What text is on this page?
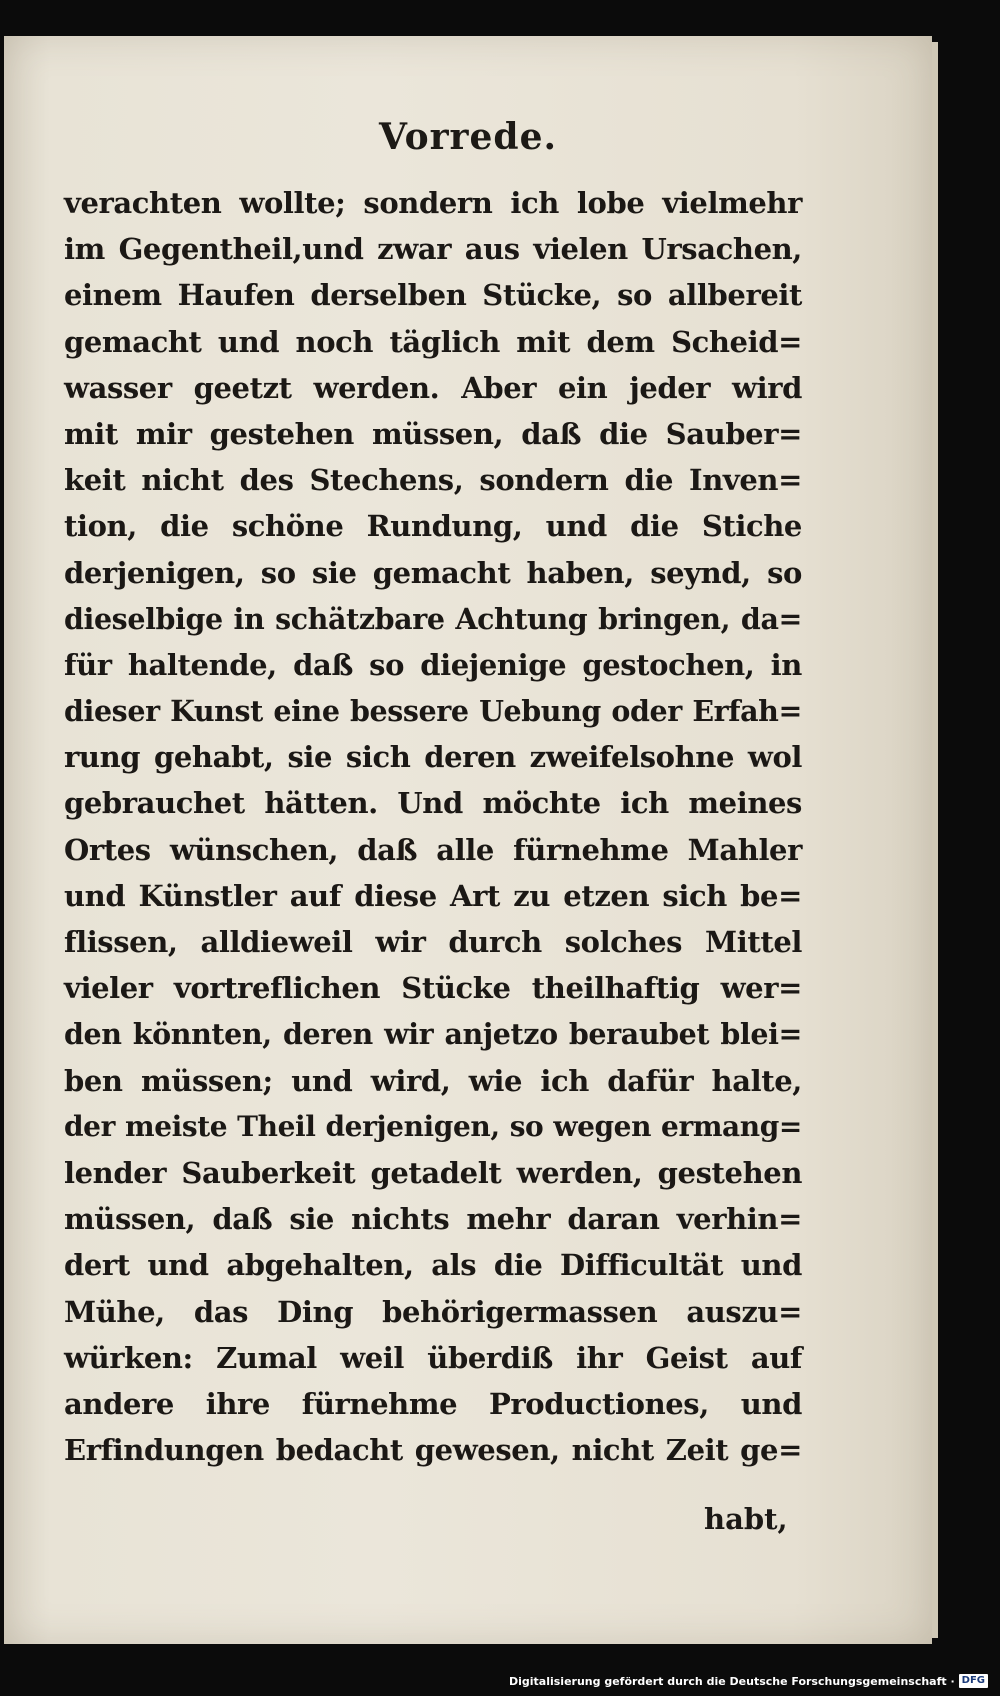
Vorrede.
verachten wollte; sondern ich lobe vielmehr
im Gegentheil,und zwar aus vielen Ursachen,
einem Haufen derselben Stücke, so allbereit
gemacht und noch täglich mit dem Scheid=
wasser geetzt werden. Aber ein jeder wird
mit mir gestehen müssen, daß die Sauber=
keit nicht des Stechens, sondern die Inven=
tion, die schöne Rundung, und die Stiche
derjenigen, so sie gemacht haben, seynd, so
dieselbige in schätzbare Achtung bringen, da=
für haltende, daß so diejenige gestochen, in
dieser Kunst eine bessere Uebung oder Erfah=
rung gehabt, sie sich deren zweifelsohne wol
gebrauchet hätten. Und möchte ich meines
Ortes wünschen, daß alle fürnehme Mahler
und Künstler auf diese Art zu etzen sich be=
flissen, alldieweil wir durch solches Mittel
vieler vortreflichen Stücke theilhaftig wer=
den könnten, deren wir anjetzo beraubet blei=
ben müssen; und wird, wie ich dafür halte,
der meiste Theil derjenigen, so wegen ermang=
lender Sauberkeit getadelt werden, gestehen
müssen, daß sie nichts mehr daran verhin=
dert und abgehalten, als die Difficultät und
Mühe, das Ding behörigermassen auszu=
würken: Zumal weil überdiß ihr Geist auf
andere ihre fürnehme Productiones, und
Erfindungen bedacht gewesen, nicht Zeit ge=
habt,
Digitalisierung gefördert durch die Deutsche Forschungsgemeinschaft · DFG
